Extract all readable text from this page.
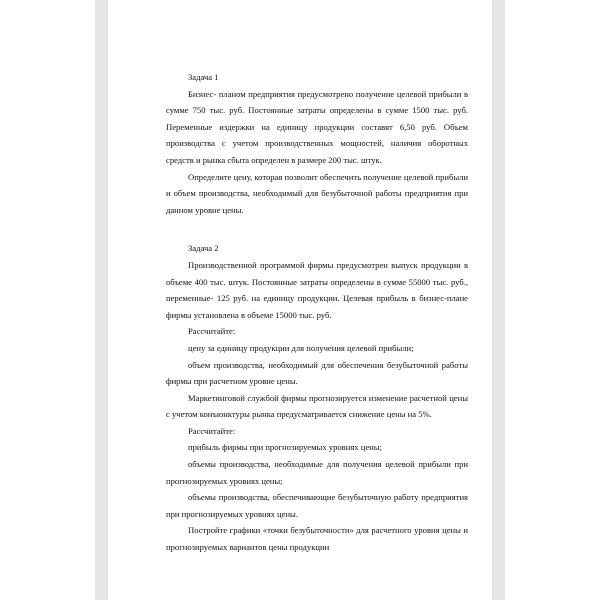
Задача 1

Бизнес- планом предприятия предусмотрено получение целевой прибыли в сумме 750 тыс. руб. Постоянные затраты определены в сумме 1500 тыс. руб. Переменные издержки на единицу продукции составят 6,50 руб. Объем производства с учетом производственных мощностей, наличия оборотных средств и рынка сбыта определен в размере 200 тыс. штук.

Определите цену, которая позволит обеспечить получение целевой прибыли и объем производства, необходимый для безубыточной работы предприятия при данном уровне цены.

Задача 2

Производственной программой фирмы предусмотрен выпуск продукции в объеме 400 тыс. штук. Постоянные затраты определены в сумме 55000 тыс. руб., переменные- 125 руб. на единицу продукции. Целевая прибыль в бизнес-плане фирмы установлена в объеме 15000 тыс. руб.

Рассчитайте:

цену за единицу продукции для получения целевой прибыли;

объем производства, необходимый для обеспечения безубыточной работы фирмы при расчетном уровне цены.

Маркетинговой службой фирмы прогнозируется изменение расчетной цены с учетом конъюнктуры рынка предусматривается снижение цены на 5%.

Рассчитайте:

прибыль фирмы при прогнозируемых уровнях цены;

объемы производства, необходимые для получения целевой прибыли при прогнозируемых уровнях цены;

объемы производства, обеспечивающие безубыточную работу предприятия при прогнозируемых уровнях цены.

Постройте графики «точки безубыточности» для расчетного уровня цены и прогнозируемых вариантов цены продукции
